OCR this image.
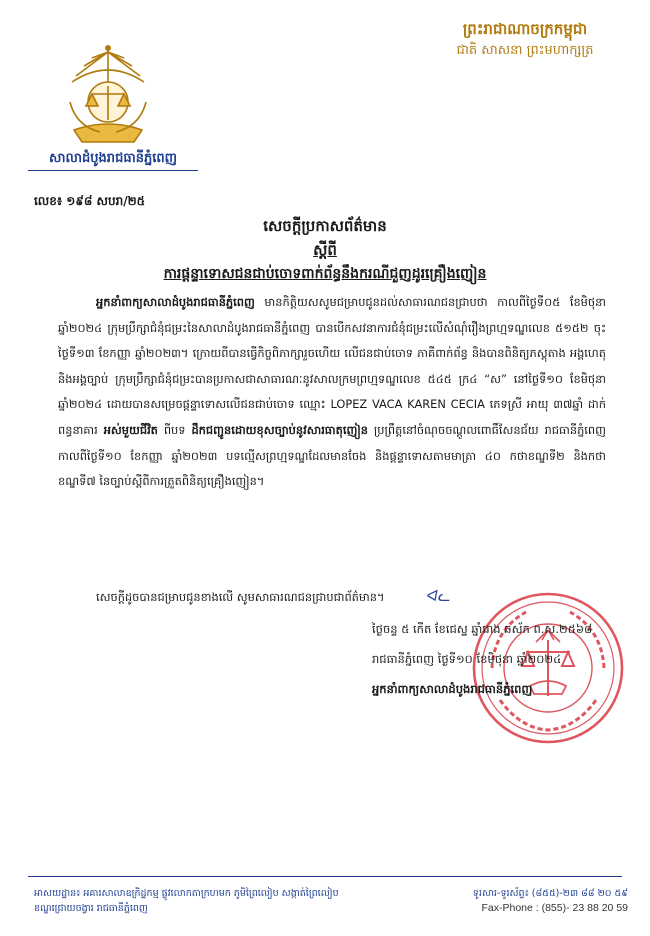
ព្រះរាជាណាចក្រកម្ពុជា
ជាតិ សាសនា ព្រះមហាក្សត្រ
សាលាដំបូងរាជធានីភ្នំពេញ
លេខ៖ ១៩៨ សបរា/២៥
សេចក្តីប្រកាសព័ត៌មាន
ស្តីពី
ការផ្តន្ទាទោសជនជាប់ចោទពាក់ព័ន្ធនឹងករណីជួញដូរគ្រឿងញៀន

អ្នកនាំពាក្យសាលាដំបូងរាជធានីភ្នំពេញ មានកិត្តិយសសូមជម្រាបជូនដល់សាធារណជនជ្រាបថា កាលពីថ្ងៃទី០៥ ខែមិថុនា ឆ្នាំ២០២៤ ក្រុមប្រឹក្សាជំនុំជម្រះនៃសាលាដំបូងរាជធានីភ្នំពេញ បានបើកសវនាការជំនុំជម្រះលើសំណុំរឿងព្រហ្មទណ្ឌលេខ ៥១៥២ ចុះថ្ងៃទី១៣ ខែកញ្ញា ឆ្នាំ២០២៣។ ក្រោយពីបានធ្វើកិច្ចពិភាក្សារួចហើយ លើជនជាប់ចោទ ភាគីពាក់ព័ន្ធ និងបានពិនិត្យភស្តុតាង អង្គហេតុ និងអង្គច្បាប់ ក្រុមប្រឹក្សាជំនុំជម្រះបានប្រកាសជាសាធារណៈនូវសាលក្រមព្រហ្មទណ្ឌលេខ ៥៤៥ ក្រ៤ “ស” នៅថ្ងៃទី១០ ខែមិថុនា ឆ្នាំ២០២៤ ដោយបានសម្រេចផ្តន្ទាទោសលើជនជាប់ចោទ ឈ្មោះ LOPEZ VACA KAREN CECIA ភេទស្រី អាយុ ៣៧ឆ្នាំ ដាក់ពន្ធនាគារ អស់មួយជីវិត ពីបទ ដឹកជញ្ជូនដោយខុសច្បាប់នូវសារធាតុញៀន ប្រព្រឹត្តនៅចំណុចចណ្តូលពោធិ៍សែនជ័យ រាជធានីភ្នំពេញ កាលពីថ្ងៃទី១០ ខែកញ្ញា ឆ្នាំ២០២៣ បទល្មើសព្រហ្មទណ្ឌដែលមានចែង និងផ្តន្ទាទោសតាមមាត្រា ៤០ កថាខណ្ឌទី២ និងកថាខណ្ឌទី៧ នៃច្បាប់ស្តីពីការត្រួតពិនិត្យគ្រឿងញៀន។

សេចក្តីដូចបានជម្រាបជូនខាងលើ សូមសាធារណជនជ្រាបជាព័ត៌មាន។	ᐊᓚ
ថ្ងៃចន្ទ ៥ កើត ខែជេស្ឋ ឆ្នាំរោង ឆស័ក ព.ស.២៥៦៨
រាជធានីភ្នំពេញ ថ្ងៃទី១០ ខែមិថុនា ឆ្នាំ២០២៤
អ្នកនាំពាក្យសាលាដំបូងរាជធានីភ្នំពេញ
អាសយដ្ឋាន៖ អគារសាលាឧក្រិដ្ឋកម្ម ផ្លូវលោកតាក្រហមក ភូមិព្រៃលៀប សង្កាត់ព្រៃលៀប
ខណ្ឌជ្រោយចង្វារ រាជធានីភ្នំពេញ
ទូរសារ-ទូរស័ព្ទ៖ (៨៥៥)-២៣ ៨៨ ២០ ៥៩
Fax-Phone : (855)- 23 88 20 59
